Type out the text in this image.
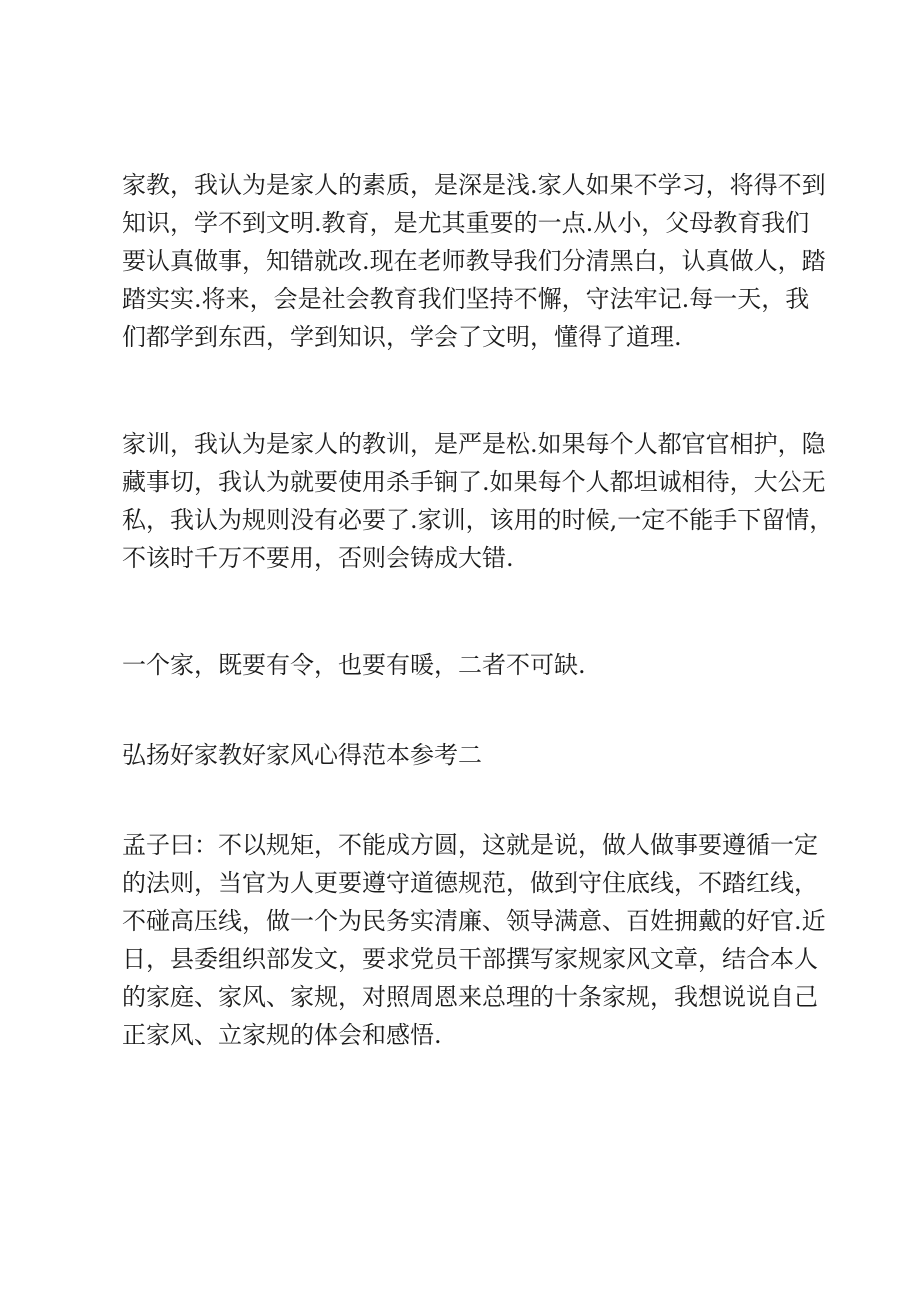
家教，我认为是家人的素质，是深是浅.家人如果不学习，将得不到
知识，学不到文明.教育，是尤其重要的一点.从小，父母教育我们
要认真做事，知错就改.现在老师教导我们分清黑白，认真做人，踏
踏实实.将来，会是社会教育我们坚持不懈，守法牢记.每一天，我
们都学到东西，学到知识，学会了文明，懂得了道理.

家训，我认为是家人的教训，是严是松.如果每个人都官官相护，隐
藏事切，我认为就要使用杀手锏了.如果每个人都坦诚相待，大公无
私，我认为规则没有必要了.家训，该用的时候,一定不能手下留情，
不该时千万不要用，否则会铸成大错.

一个家，既要有令，也要有暖，二者不可缺.

弘扬好家教好家风心得范本参考二

孟子曰：不以规矩，不能成方圆，这就是说，做人做事要遵循一定
的法则，当官为人更要遵守道德规范，做到守住底线，不踏红线，
不碰高压线，做一个为民务实清廉、领导满意、百姓拥戴的好官.近
日，县委组织部发文，要求党员干部撰写家规家风文章，结合本人
的家庭、家风、家规，对照周恩来总理的十条家规，我想说说自己
正家风、立家规的体会和感悟.
